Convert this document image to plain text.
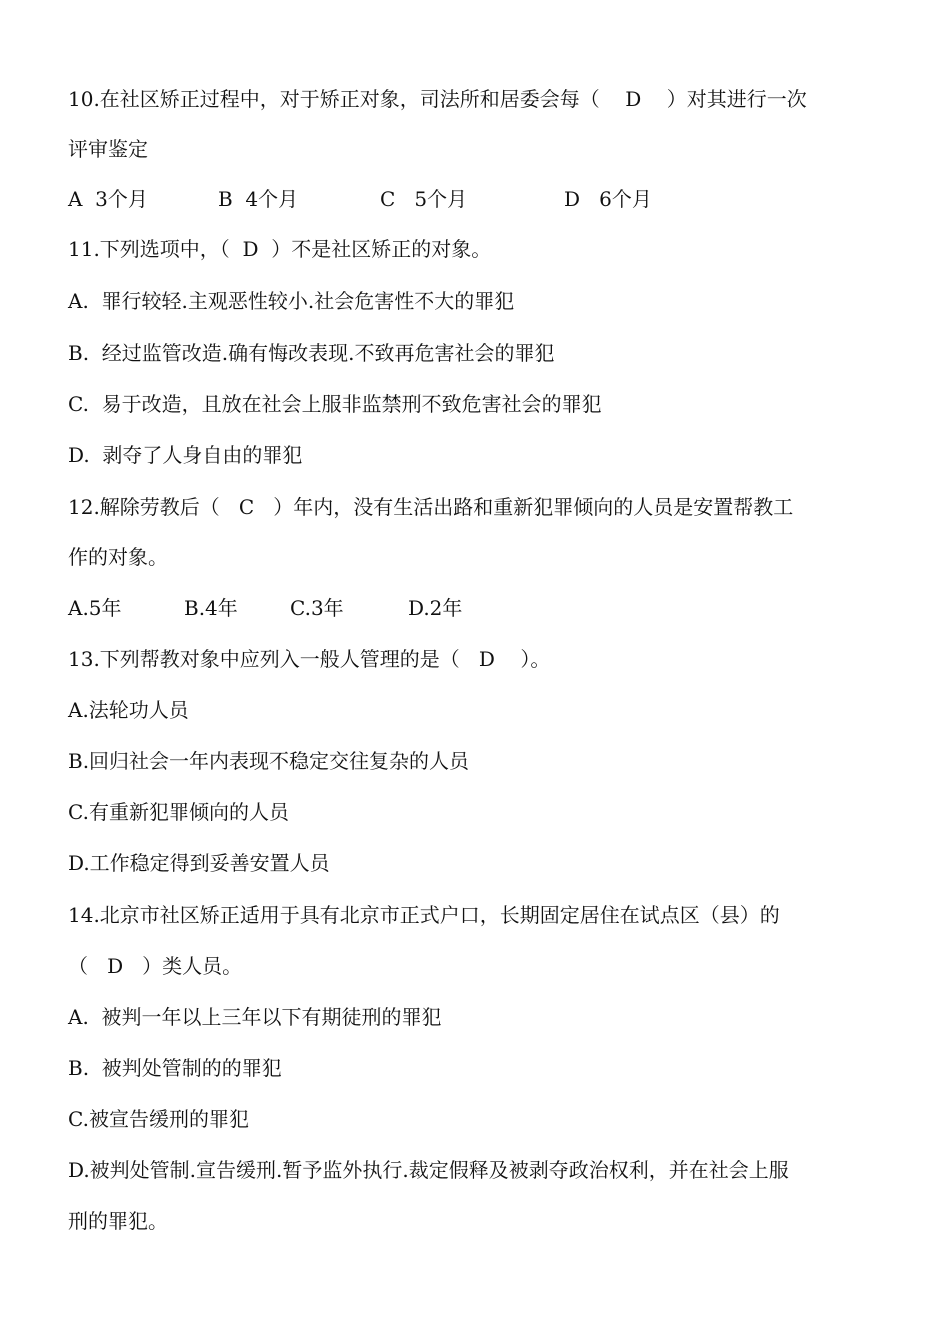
10.在社区矫正过程中，对于矫正对象，司法所和居委会每（    D    ）对其进行一次
评审鉴定

A  3个月

	B  4个月

	C   5个月

	D   6个月

11.下列选项中，（  D  ）不是社区矫正的对象。
A.  罪行较轻.主观恶性较小.社会危害性不大的罪犯
B.  经过监管改造.确有悔改表现.不致再危害社会的罪犯
C.  易于改造，且放在社会上服非监禁刑不致危害社会的罪犯
D.  剥夺了人身自由的罪犯
12.解除劳教后（   C   ）年内，没有生活出路和重新犯罪倾向的人员是安置帮教工
作的对象。

A.5年

	B.4年

	C.3年

	D.2年

13.下列帮教对象中应列入一般人管理的是（   D    ）。
A.法轮功人员
B.回归社会一年内表现不稳定交往复杂的人员
C.有重新犯罪倾向的人员
D.工作稳定得到妥善安置人员
14.北京市社区矫正适用于具有北京市正式户口，长期固定居住在试点区（县）的
（   D   ）类人员。
A.  被判一年以上三年以下有期徒刑的罪犯
B.  被判处管制的的罪犯
C.被宣告缓刑的罪犯
D.被判处管制.宣告缓刑.暂予监外执行.裁定假释及被剥夺政治权利，并在社会上服
刑的罪犯。
